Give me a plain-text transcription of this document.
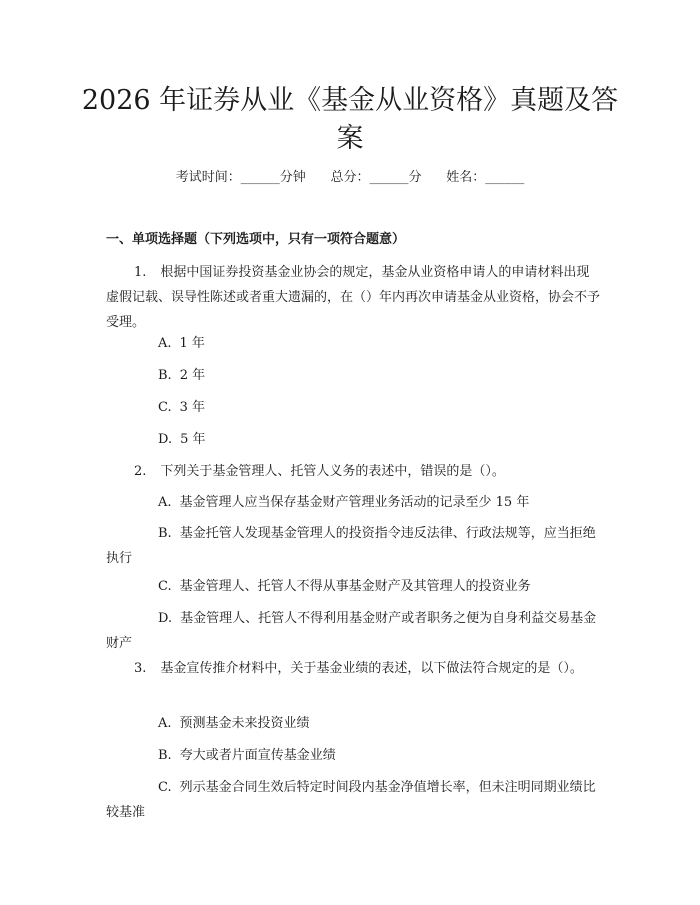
2026 年证券从业《基金从业资格》真题及答案
考试时间：______分钟      总分：______分      姓名：______
一、单项选择题（下列选项中，只有一项符合题意）

1. 根据中国证券投资基金业协会的规定，基金从业资格申请人的申请材料出现虚假记载、误导性陈述或者重大遗漏的，在（）年内再次申请基金从业资格，协会不予受理。

A. 1 年

B. 2 年

C. 3 年

D. 5 年

2. 下列关于基金管理人、托管人义务的表述中，错误的是（）。

A. 基金管理人应当保存基金财产管理业务活动的记录至少 15 年

B. 基金托管人发现基金管理人的投资指令违反法律、行政法规等，应当拒绝执行

C. 基金管理人、托管人不得从事基金财产及其管理人的投资业务

D. 基金管理人、托管人不得利用基金财产或者职务之便为自身利益交易基金财产

3. 基金宣传推介材料中，关于基金业绩的表述，以下做法符合规定的是（）。

A. 预测基金未来投资业绩

B. 夸大或者片面宣传基金业绩

C. 列示基金合同生效后特定时间段内基金净值增长率，但未注明同期业绩比较基准
